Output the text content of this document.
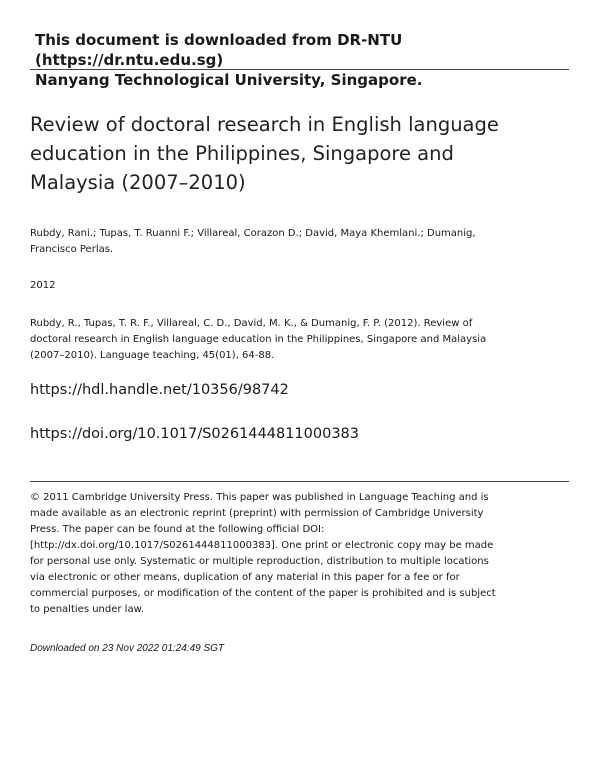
This document is downloaded from DR-NTU (https://dr.ntu.edu.sg)
Nanyang Technological University, Singapore.
Review of doctoral research in English language education in the Philippines, Singapore and Malaysia (2007–2010)
Rubdy, Rani.; Tupas, T. Ruanni F.; Villareal, Corazon D.; David, Maya Khemlani.; Dumanig, Francisco Perlas.
2012
Rubdy, R., Tupas, T. R. F., Villareal, C. D., David, M. K., & Dumanig, F. P. (2012). Review of doctoral research in English language education in the Philippines, Singapore and Malaysia (2007–2010). Language teaching, 45(01), 64-88.
https://hdl.handle.net/10356/98742
https://doi.org/10.1017/S0261444811000383
© 2011 Cambridge University Press. This paper was published in Language Teaching and is made available as an electronic reprint (preprint) with permission of Cambridge University Press. The paper can be found at the following official DOI: [http://dx.doi.org/10.1017/S0261444811000383]. One print or electronic copy may be made for personal use only. Systematic or multiple reproduction, distribution to multiple locations via electronic or other means, duplication of any material in this paper for a fee or for commercial purposes, or modification of the content of the paper is prohibited and is subject to penalties under law.
Downloaded on 23 Nov 2022 01:24:49 SGT
